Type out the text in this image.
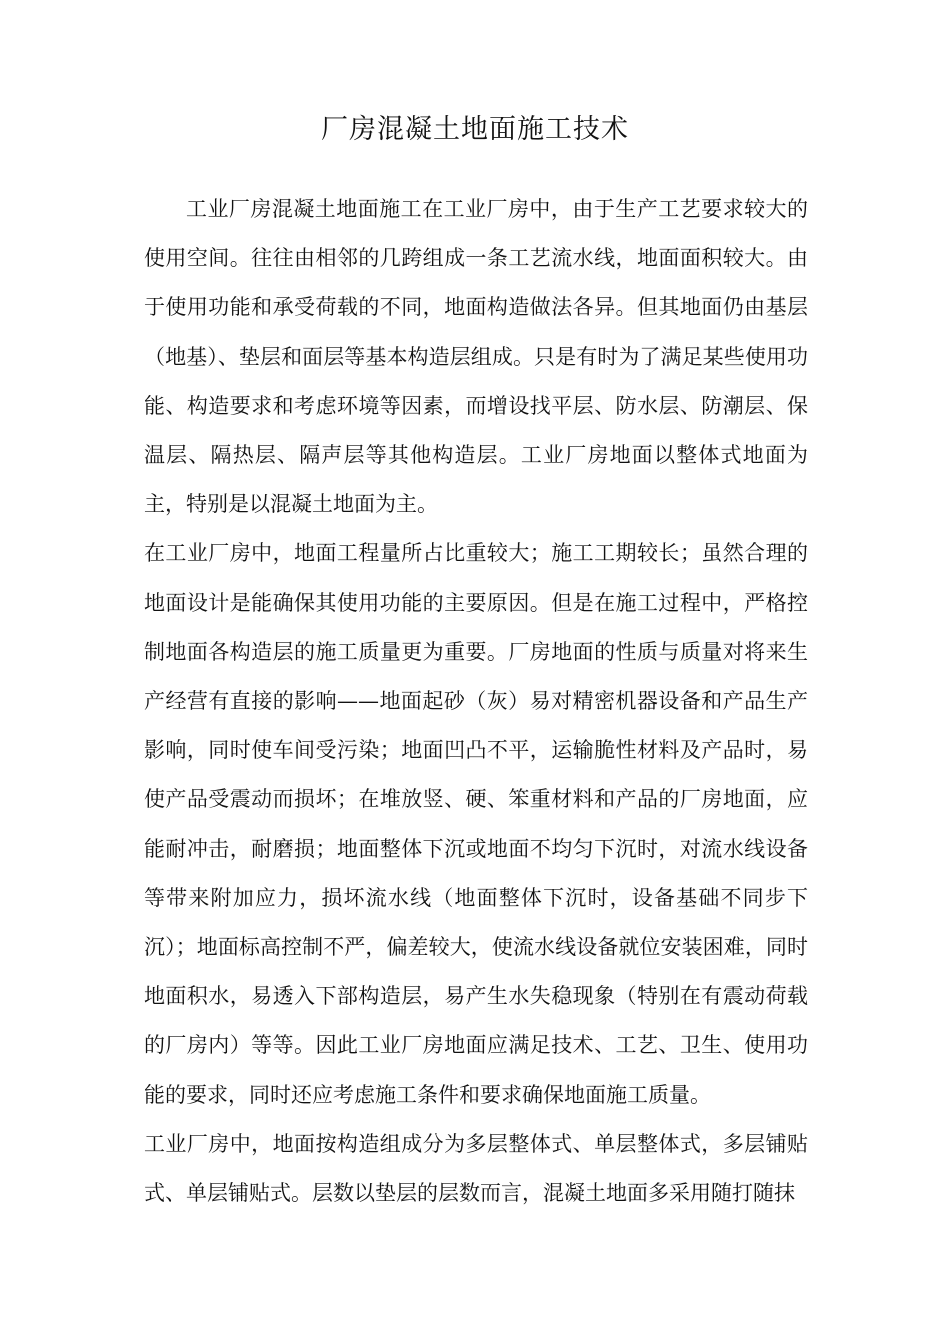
厂房混凝土地面施工技术

工业厂房混凝土地面施工在工业厂房中，由于生产工艺要求较大的使用空间。往往由相邻的几跨组成一条工艺流水线，地面面积较大。由于使用功能和承受荷载的不同，地面构造做法各异。但其地面仍由基层（地基）、垫层和面层等基本构造层组成。只是有时为了满足某些使用功能、构造要求和考虑环境等因素，而增设找平层、防水层、防潮层、保温层、隔热层、隔声层等其他构造层。工业厂房地面以整体式地面为主，特别是以混凝土地面为主。

在工业厂房中，地面工程量所占比重较大；施工工期较长；虽然合理的地面设计是能确保其使用功能的主要原因。但是在施工过程中，严格控制地面各构造层的施工质量更为重要。厂房地面的性质与质量对将来生产经营有直接的影响——地面起砂（灰）易对精密机器设备和产品生产影响，同时使车间受污染；地面凹凸不平，运输脆性材料及产品时，易使产品受震动而损坏；在堆放竖、硬、笨重材料和产品的厂房地面，应能耐冲击，耐磨损；地面整体下沉或地面不均匀下沉时，对流水线设备等带来附加应力，损坏流水线（地面整体下沉时，设备基础不同步下沉）；地面标高控制不严，偏差较大，使流水线设备就位安装困难，同时地面积水，易透入下部构造层，易产生水失稳现象（特别在有震动荷载的厂房内）等等。因此工业厂房地面应满足技术、工艺、卫生、使用功能的要求，同时还应考虑施工条件和要求确保地面施工质量。

工业厂房中，地面按构造组成分为多层整体式、单层整体式，多层铺贴式、单层铺贴式。层数以垫层的层数而言，混凝土地面多采用随打随抹
